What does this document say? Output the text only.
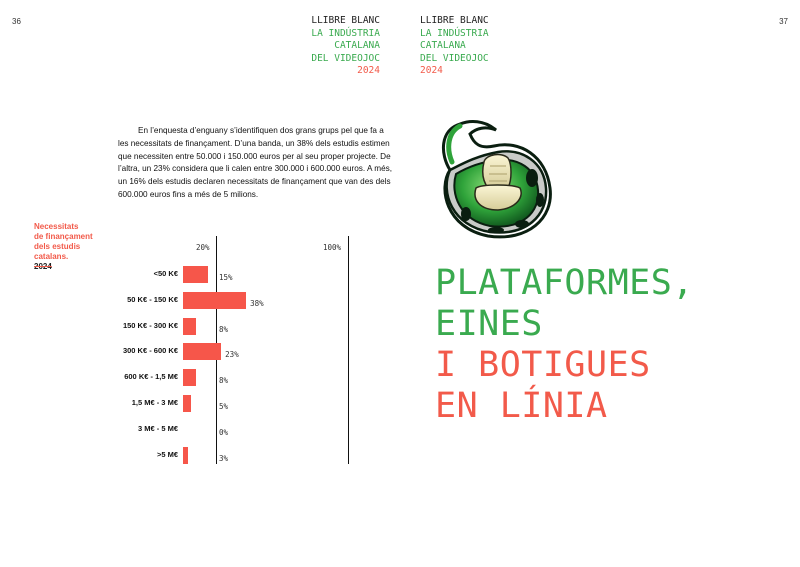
36	37
LLIBRE BLANC
LA INDÚSTRIA
CATALANA
DEL VIDEOJOC
2024
LLIBRE BLANC
LA INDÚSTRIA
CATALANA
DEL VIDEOJOC
2024

En l’enquesta d’enguany s’identifiquen dos grans grups pel que fa a les necessitats de finançament. D’una banda, un 38% dels estudis estimen que necessiten entre 50.000 i 150.000 euros per al seu proper projecte. De l’altra, un 23% considera que li calen entre 300.000 i 600.000 euros. A més, un 16% dels estudis declaren necessitats de finançament que van des dels 600.000 euros fins a més de 5 milions.

Necessitats
de finançament
dels estudis
catalans.
2024
20%	100%
<50 K€	15%
50 K€ - 150 K€	38%
150 K€ - 300 K€	8%
300 K€ - 600 K€	23%
600 K€ - 1,5 M€	8%
1,5 M€ - 3 M€	5%
3 M€ - 5 M€	0%
>5 M€	3%
PLATAFORMES,
EINES
I BOTIGUES
EN LÍNIA
